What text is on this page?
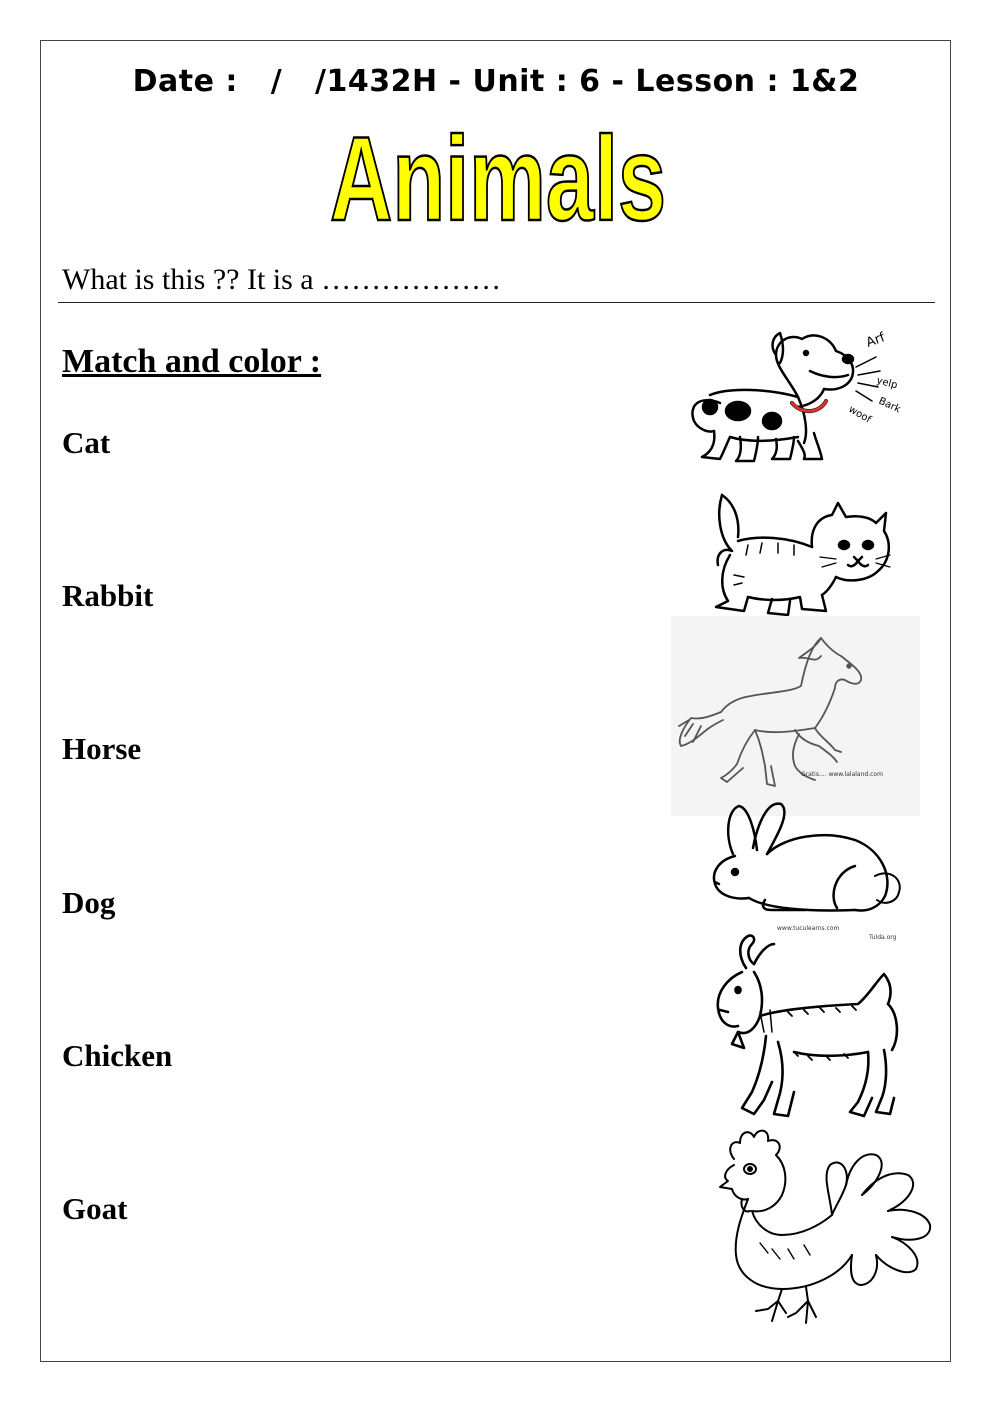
Date :   /   /1432H - Unit : 6 - Lesson : 1&2
Animals
What is this ?? It is a ………………
Match and color :
Cat
Rabbit
Horse
Dog
Chicken
Goat
Arf
yelp
Bark
woof
Gratis.... www.lalaland.com
www.tuculearns.com
Tulda.org
